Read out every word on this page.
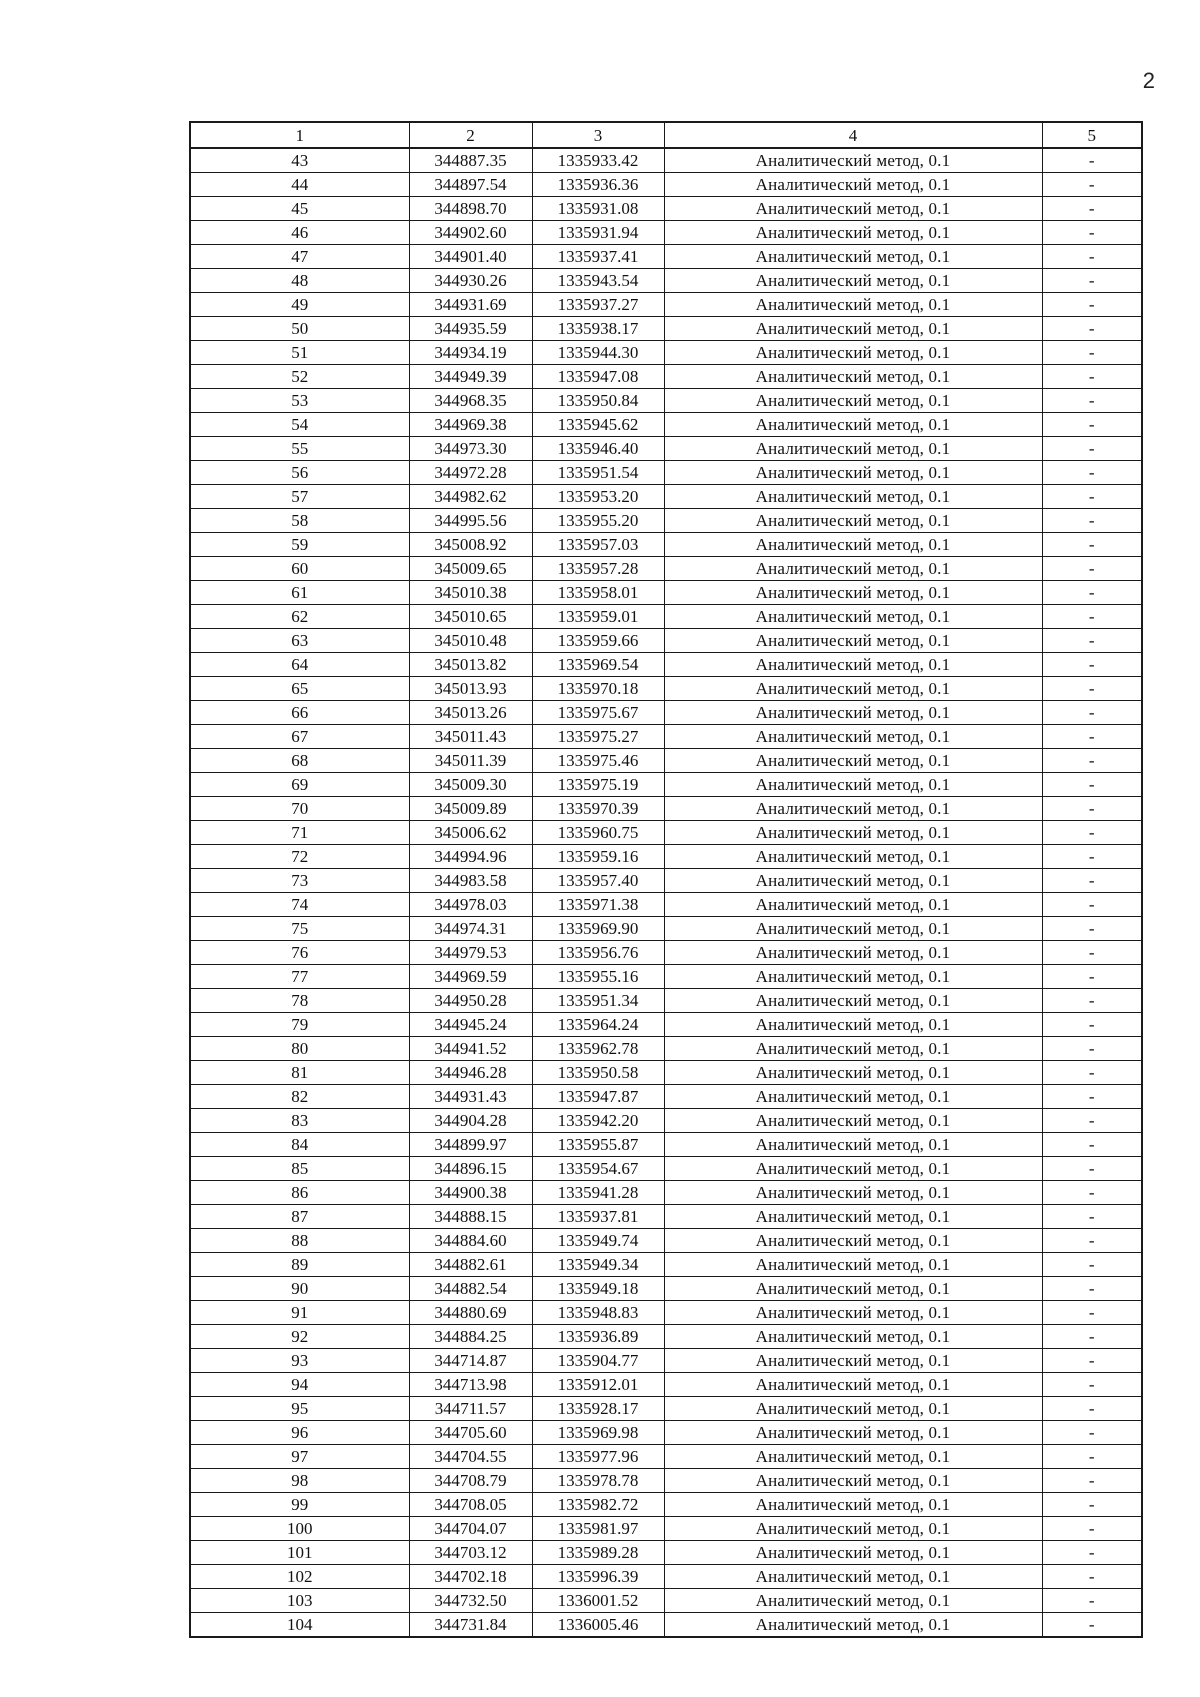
2
1	2	3	4	5
43	344887.35	1335933.42	Аналитический метод, 0.1	-
44	344897.54	1335936.36	Аналитический метод, 0.1	-
45	344898.70	1335931.08	Аналитический метод, 0.1	-
46	344902.60	1335931.94	Аналитический метод, 0.1	-
47	344901.40	1335937.41	Аналитический метод, 0.1	-
48	344930.26	1335943.54	Аналитический метод, 0.1	-
49	344931.69	1335937.27	Аналитический метод, 0.1	-
50	344935.59	1335938.17	Аналитический метод, 0.1	-
51	344934.19	1335944.30	Аналитический метод, 0.1	-
52	344949.39	1335947.08	Аналитический метод, 0.1	-
53	344968.35	1335950.84	Аналитический метод, 0.1	-
54	344969.38	1335945.62	Аналитический метод, 0.1	-
55	344973.30	1335946.40	Аналитический метод, 0.1	-
56	344972.28	1335951.54	Аналитический метод, 0.1	-
57	344982.62	1335953.20	Аналитический метод, 0.1	-
58	344995.56	1335955.20	Аналитический метод, 0.1	-
59	345008.92	1335957.03	Аналитический метод, 0.1	-
60	345009.65	1335957.28	Аналитический метод, 0.1	-
61	345010.38	1335958.01	Аналитический метод, 0.1	-
62	345010.65	1335959.01	Аналитический метод, 0.1	-
63	345010.48	1335959.66	Аналитический метод, 0.1	-
64	345013.82	1335969.54	Аналитический метод, 0.1	-
65	345013.93	1335970.18	Аналитический метод, 0.1	-
66	345013.26	1335975.67	Аналитический метод, 0.1	-
67	345011.43	1335975.27	Аналитический метод, 0.1	-
68	345011.39	1335975.46	Аналитический метод, 0.1	-
69	345009.30	1335975.19	Аналитический метод, 0.1	-
70	345009.89	1335970.39	Аналитический метод, 0.1	-
71	345006.62	1335960.75	Аналитический метод, 0.1	-
72	344994.96	1335959.16	Аналитический метод, 0.1	-
73	344983.58	1335957.40	Аналитический метод, 0.1	-
74	344978.03	1335971.38	Аналитический метод, 0.1	-
75	344974.31	1335969.90	Аналитический метод, 0.1	-
76	344979.53	1335956.76	Аналитический метод, 0.1	-
77	344969.59	1335955.16	Аналитический метод, 0.1	-
78	344950.28	1335951.34	Аналитический метод, 0.1	-
79	344945.24	1335964.24	Аналитический метод, 0.1	-
80	344941.52	1335962.78	Аналитический метод, 0.1	-
81	344946.28	1335950.58	Аналитический метод, 0.1	-
82	344931.43	1335947.87	Аналитический метод, 0.1	-
83	344904.28	1335942.20	Аналитический метод, 0.1	-
84	344899.97	1335955.87	Аналитический метод, 0.1	-
85	344896.15	1335954.67	Аналитический метод, 0.1	-
86	344900.38	1335941.28	Аналитический метод, 0.1	-
87	344888.15	1335937.81	Аналитический метод, 0.1	-
88	344884.60	1335949.74	Аналитический метод, 0.1	-
89	344882.61	1335949.34	Аналитический метод, 0.1	-
90	344882.54	1335949.18	Аналитический метод, 0.1	-
91	344880.69	1335948.83	Аналитический метод, 0.1	-
92	344884.25	1335936.89	Аналитический метод, 0.1	-
93	344714.87	1335904.77	Аналитический метод, 0.1	-
94	344713.98	1335912.01	Аналитический метод, 0.1	-
95	344711.57	1335928.17	Аналитический метод, 0.1	-
96	344705.60	1335969.98	Аналитический метод, 0.1	-
97	344704.55	1335977.96	Аналитический метод, 0.1	-
98	344708.79	1335978.78	Аналитический метод, 0.1	-
99	344708.05	1335982.72	Аналитический метод, 0.1	-
100	344704.07	1335981.97	Аналитический метод, 0.1	-
101	344703.12	1335989.28	Аналитический метод, 0.1	-
102	344702.18	1335996.39	Аналитический метод, 0.1	-
103	344732.50	1336001.52	Аналитический метод, 0.1	-
104	344731.84	1336005.46	Аналитический метод, 0.1	-
